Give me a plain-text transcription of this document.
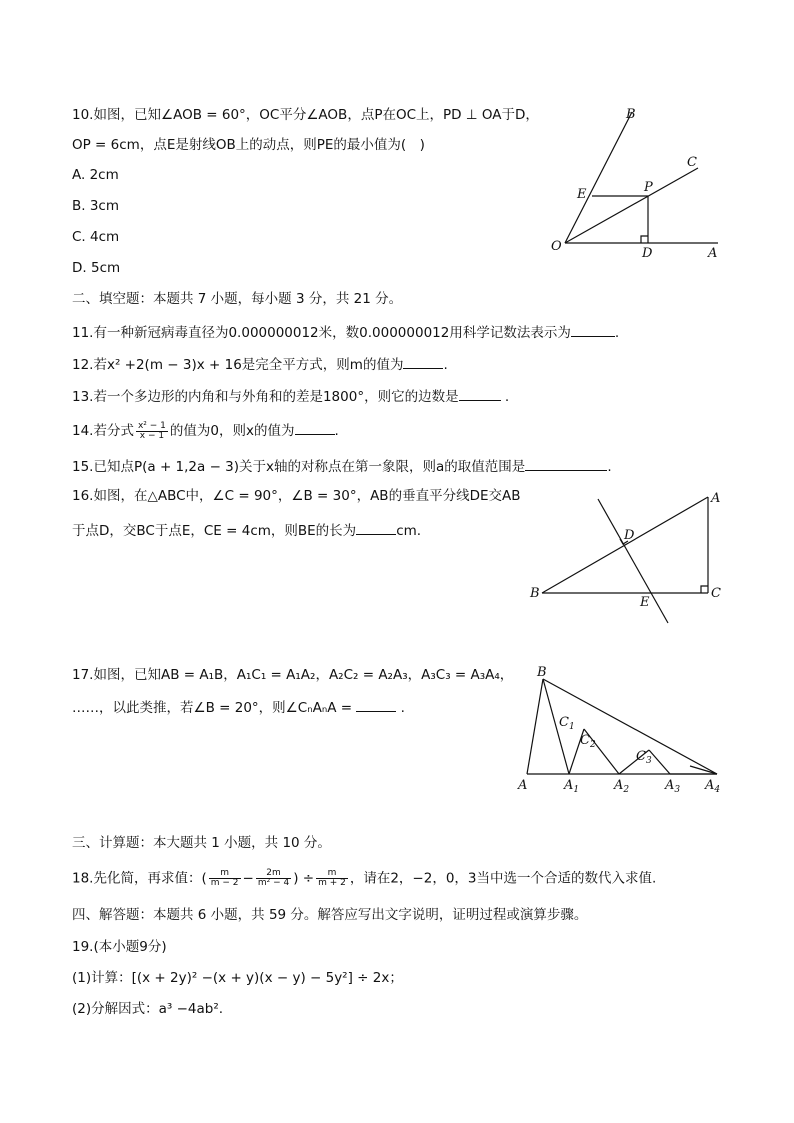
10.如图，已知∠AOB = 60°，OC平分∠AOB，点P在OC上，PD ⊥ OA于D，
OP = 6cm，点E是射线OB上的动点，则PE的最小值为(　)
A. 2cm
B. 3cm
C. 4cm
D. 5cm
B
C
E	P
O	D	A
二、填空题：本题共 7 小题，每小题 3 分，共 21 分。
11.有一种新冠病毒直径为0.000000012米，数0.000000012用科学记数法表示为	.
12.若x² +2(m − 3)x + 16是完全平方式，则m的值为	.
13.若一个多边形的内角和与外角和的差是1800°，则它的边数是	.
14.若分式 $\frac{\text{x² − 1}}{x - 1}$ 的值为0，则x的值为	.
15.已知点P(a + 1,2a − 3)关于x轴的对称点在第一象限，则a的取值范围是	.
16.如图，在△ABC中，∠C = 90°，∠B = 30°，AB的垂直平分线DE交AB
于点D，交BC于点E，CE = 4cm，则BE的长为	cm.
A
B	C
D
E
17.如图，已知AB = A₁B，A₁C₁ = A₁A₂，A₂C₂ = A₂A₃，A₃C₃ = A₃A₄，
……，以此类推，若∠B = 20°，则∠CₙAₙA =	.
B
A
$C_1$
$C_2$
$C_3$
$A_1$	$A_2$	$A_3$ $A_4$
三、计算题：本大题共 1 小题，共 10 分。
18.先化简，再求值：( $\frac{m}{m - 2} - \frac{2m}{\text{m² − 4}}$ ) ÷ $\frac{m}{m + 2}$ ，请在2，−2，0，3当中选一个合适的数代入求值.
四、解答题：本题共 6 小题，共 59 分。解答应写出文字说明，证明过程或演算步骤。
19.(本小题9分)
(1)计算：[(x + 2y)² −(x + y)(x − y) − 5y²] ÷ 2x；
(2)分解因式：a³ −4ab².
